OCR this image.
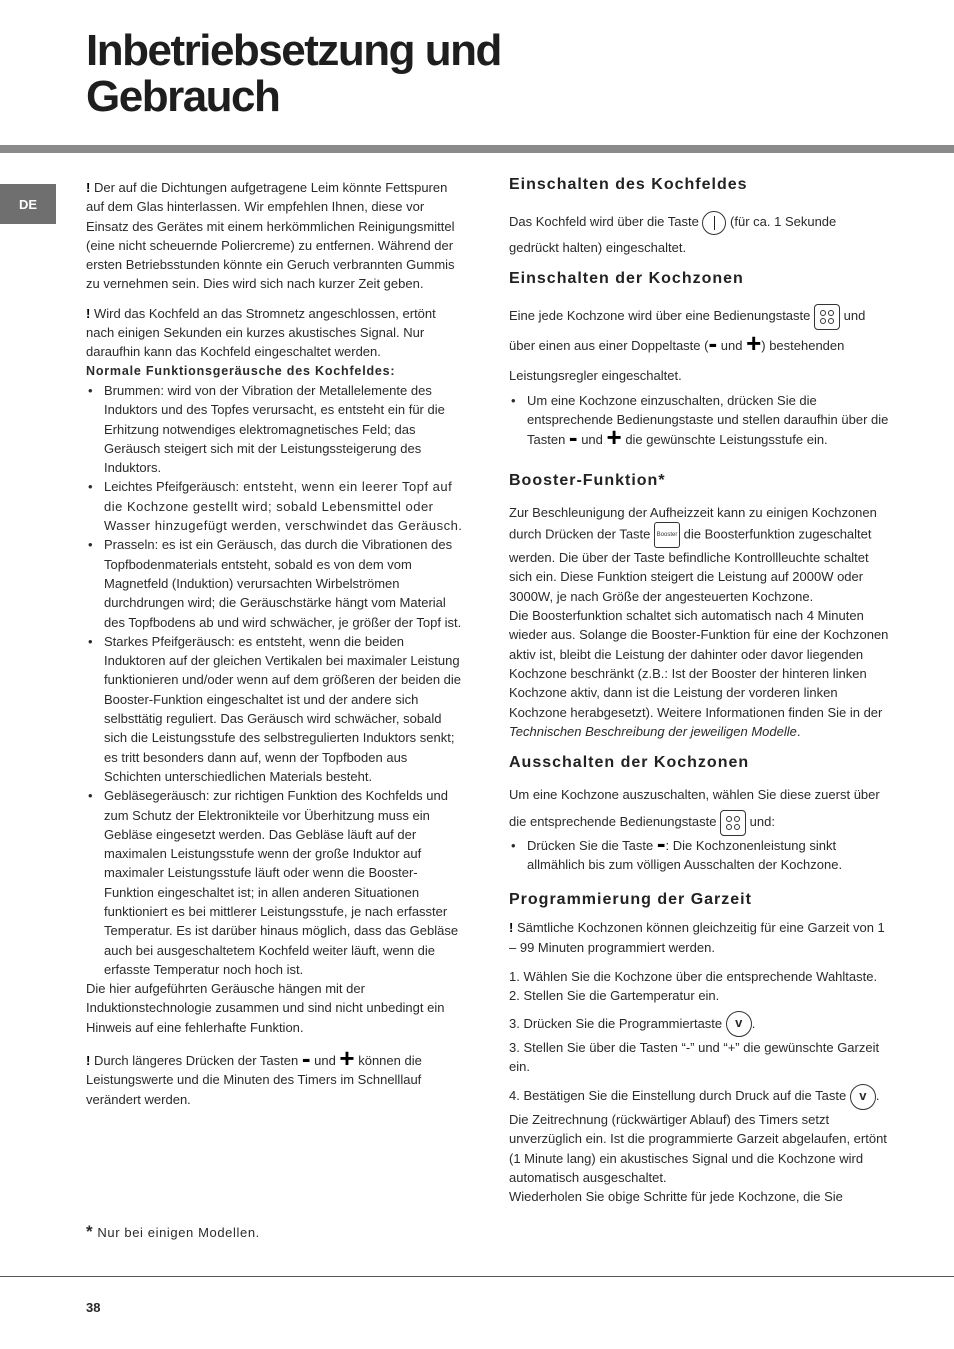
Inbetriebsetzung und
Gebrauch
DE

! Der auf die Dichtungen aufgetragene Leim könnte Fettspuren auf dem Glas hinterlassen. Wir empfehlen Ihnen, diese vor Einsatz des Gerätes mit einem herkömmlichen Reinigungsmittel (eine nicht scheuernde Poliercreme) zu entfernen. Während der ersten Betriebsstunden könnte ein Geruch verbrannten Gummis zu vernehmen sein. Dies wird sich nach kurzer Zeit geben.

! Wird das Kochfeld an das Stromnetz angeschlossen, ertönt nach einigen Sekunden ein kurzes akustisches Signal. Nur daraufhin kann das Kochfeld eingeschaltet werden.

Normale Funktionsgeräusche des Kochfeldes:

• Brummen: wird von der Vibration der Metallelemente des Induktors und des Topfes verursacht, es entsteht ein für die Erhitzung notwendiges elektromagnetisches Feld; das Geräusch steigert sich mit der Leistungssteigerung des Induktors.
• Leichtes Pfeifgeräusch: entsteht, wenn ein leerer Topf auf die Kochzone gestellt wird; sobald Lebensmittel oder Wasser hinzugefügt werden, verschwindet das Geräusch.
• Prasseln: es ist ein Geräusch, das durch die Vibrationen des Topfbodenmaterials entsteht, sobald es von dem vom Magnetfeld (Induktion) verursachten Wirbelströmen durchdrungen wird; die Geräuschstärke hängt vom Material des Topfbodens ab und wird schwächer, je größer der Topf ist.
• Starkes Pfeifgeräusch: es entsteht, wenn die beiden Induktoren auf der gleichen Vertikalen bei maximaler Leistung funktionieren und/oder wenn auf dem größeren der beiden die Booster-Funktion eingeschaltet ist und der andere sich selbsttätig reguliert. Das Geräusch wird schwächer, sobald sich die Leistungsstufe des selbstregulierten Induktors senkt; es tritt besonders dann auf, wenn der Topfboden aus Schichten unterschiedlichen Materials besteht.
• Gebläsegeräusch: zur richtigen Funktion des Kochfelds und zum Schutz der Elektronikteile vor Überhitzung muss ein Gebläse eingesetzt werden. Das Gebläse läuft auf der maximalen Leistungsstufe wenn der große Induktor auf maximaler Leistungsstufe läuft oder wenn die Booster-Funktion eingeschaltet ist; in allen anderen Situationen funktioniert es bei mittlerer Leistungsstufe, je nach erfasster Temperatur. Es ist darüber hinaus möglich, dass das Gebläse auch bei ausgeschaltetem Kochfeld weiter läuft, wenn die erfasste Temperatur noch hoch ist.

Die hier aufgeführten Geräusche hängen mit der Induktionstechnologie zusammen und sind nicht unbedingt ein Hinweis auf eine fehlerhafte Funktion.

! Durch längeres Drücken der Tasten - und + können die Leistungswerte und die Minuten des Timers im Schnelllauf verändert werden.

Einschalten des Kochfeldes

Das Kochfeld wird über die Taste  (für ca. 1 Sekunde gedrückt halten) eingeschaltet.

Einschalten der Kochzonen

Eine jede Kochzone wird über eine Bedienungstaste
und
über einen aus einer Doppeltaste (- und +) bestehenden Leistungsregler eingeschaltet.

• Um eine Kochzone einzuschalten, drücken Sie die entsprechende Bedienungstaste und stellen daraufhin über die Tasten - und + die gewünschte Leistungsstufe ein.
Booster-Funktion*

Zur Beschleunigung der Aufheizzeit kann zu einigen Kochzonen durch Drücken der Taste Booster die Boosterfunktion zugeschaltet werden. Die über der Taste befindliche Kontrollleuchte schaltet sich ein. Diese Funktion steigert die Leistung auf 2000W oder 3000W, je nach Größe der angesteuerten Kochzone.

Die Boosterfunktion schaltet sich automatisch nach 4 Minuten wieder aus. Solange die Booster-Funktion für eine der Kochzonen aktiv ist, bleibt die Leistung der dahinter oder davor liegenden Kochzone beschränkt (z.B.: Ist der Booster der hinteren linken Kochzone aktiv, dann ist die Leistung der vorderen linken Kochzone herabgesetzt). Weitere Informationen finden Sie in der Technischen Beschreibung der jeweiligen Modelle.

Ausschalten der Kochzonen

Um eine Kochzone auszuschalten, wählen Sie diese zuerst über die entsprechende Bedienungstaste
und:

• Drücken Sie die Taste -: Die Kochzonenleistung sinkt allmählich bis zum völligen Ausschalten der Kochzone.
Programmierung der Garzeit

! Sämtliche Kochzonen können gleichzeitig für eine Garzeit von 1 – 99 Minuten programmiert werden.

1. Wählen Sie die Kochzone über die entsprechende Wahltaste.

2. Stellen Sie die Gartemperatur ein.

3. Drücken Sie die Programmiertaste v .

3. Stellen Sie über die Tasten “-” und “+” die gewünschte Garzeit ein.

4. Bestätigen Sie die Einstellung durch Druck auf die Taste v .

Die Zeitrechnung (rückwärtiger Ablauf) des Timers setzt unverzüglich ein. Ist die programmierte Garzeit abgelaufen, ertönt (1 Minute lang) ein akustisches Signal und die Kochzone wird automatisch ausgeschaltet.

Wiederholen Sie obige Schritte für jede Kochzone, die Sie

* Nur bei einigen Modellen.
38
